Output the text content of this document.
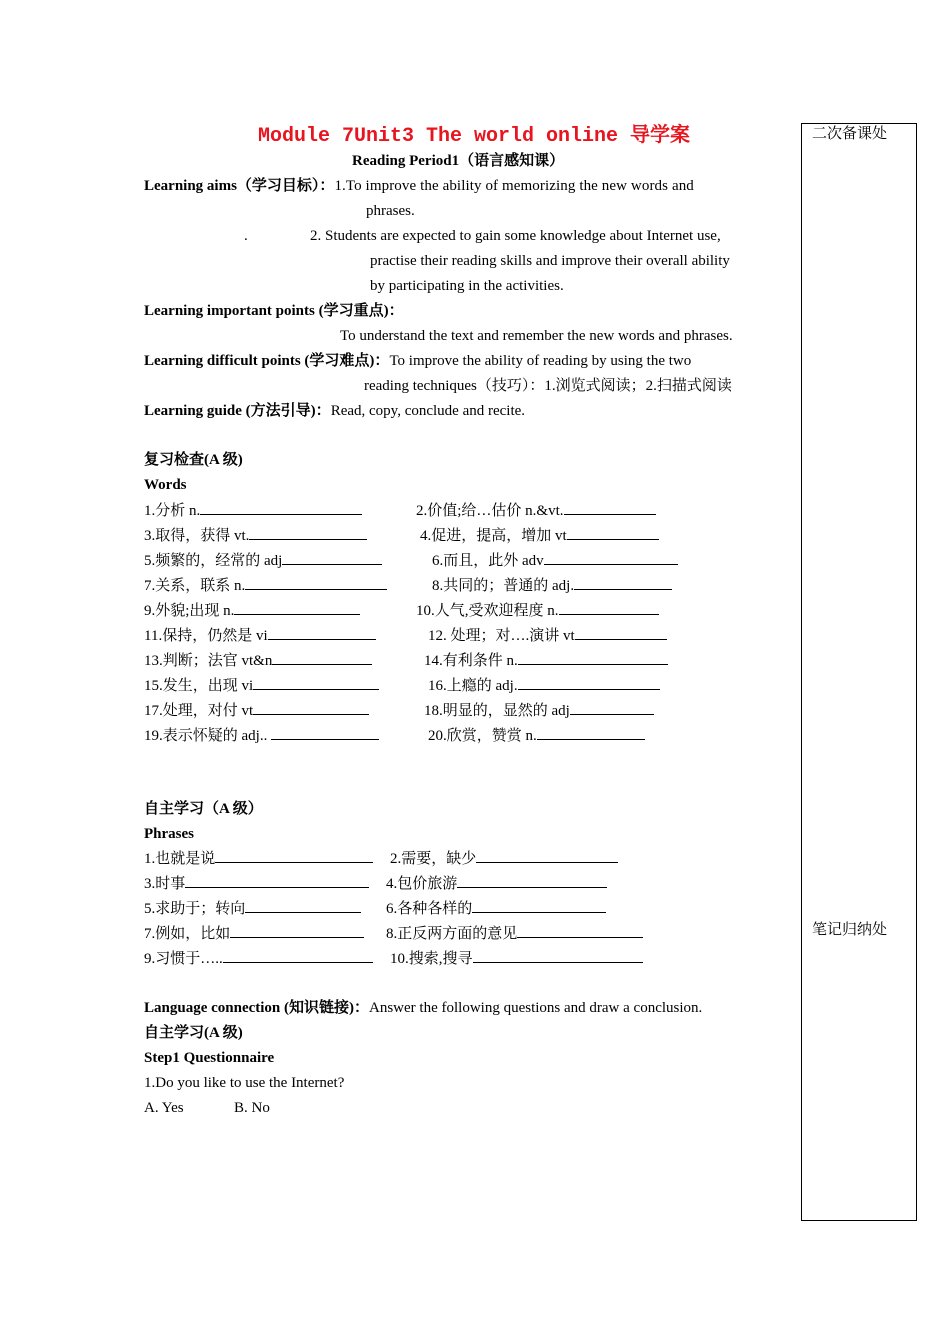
Module 7Unit3 The world online 导学案
Reading Period1（语言感知课）
二次备课处
笔记归纳处
Learning aims（学习目标）：1.To improve the ability of memorizing the new words and
phrases.
.	2. Students are expected to gain some knowledge about Internet use,
practise their reading skills and improve their overall ability
by participating in the activities.
Learning important points (学习重点)：
To understand the text and remember the new words and phrases.
Learning difficult points (学习难点)：To improve the ability of reading by using the two
reading techniques（技巧）：1.浏览式阅读；2.扫描式阅读
Learning guide (方法引导)：Read, copy, conclude and recite.
复习检查(A 级)
Words
1.分析 n.	2.价值;给…估价 n.&vt.
3.取得，获得 vt.	4.促进，提高，增加 vt
5.频繁的，经常的 adj	6.而且，此外 adv
7.关系，联系 n.	8.共同的；普通的 adj.
9.外貌;出现 n.	10.人气,受欢迎程度 n.
11.保持，仍然是 vi	12. 处理；对….演讲 vt
13.判断；法官 vt&n	14.有利条件 n.
15.发生，出现 vi	16.上瘾的 adj.
17.处理，对付 vt	18.明显的，显然的 adj
19.表示怀疑的 adj..	20.欣赏，赞赏 n.
自主学习（A 级）
Phrases
1.也就是说	2.需要，缺少
3.时事	4.包价旅游
5.求助于；转向	6.各种各样的
7.例如，比如	8.正反两方面的意见
9.习惯于…..	10.搜索,搜寻
Language connection (知识链接)：Answer the following questions and draw a conclusion.
自主学习(A 级)
Step1 Questionnaire
1.Do you like to use the Internet?
A. Yes	B. No
